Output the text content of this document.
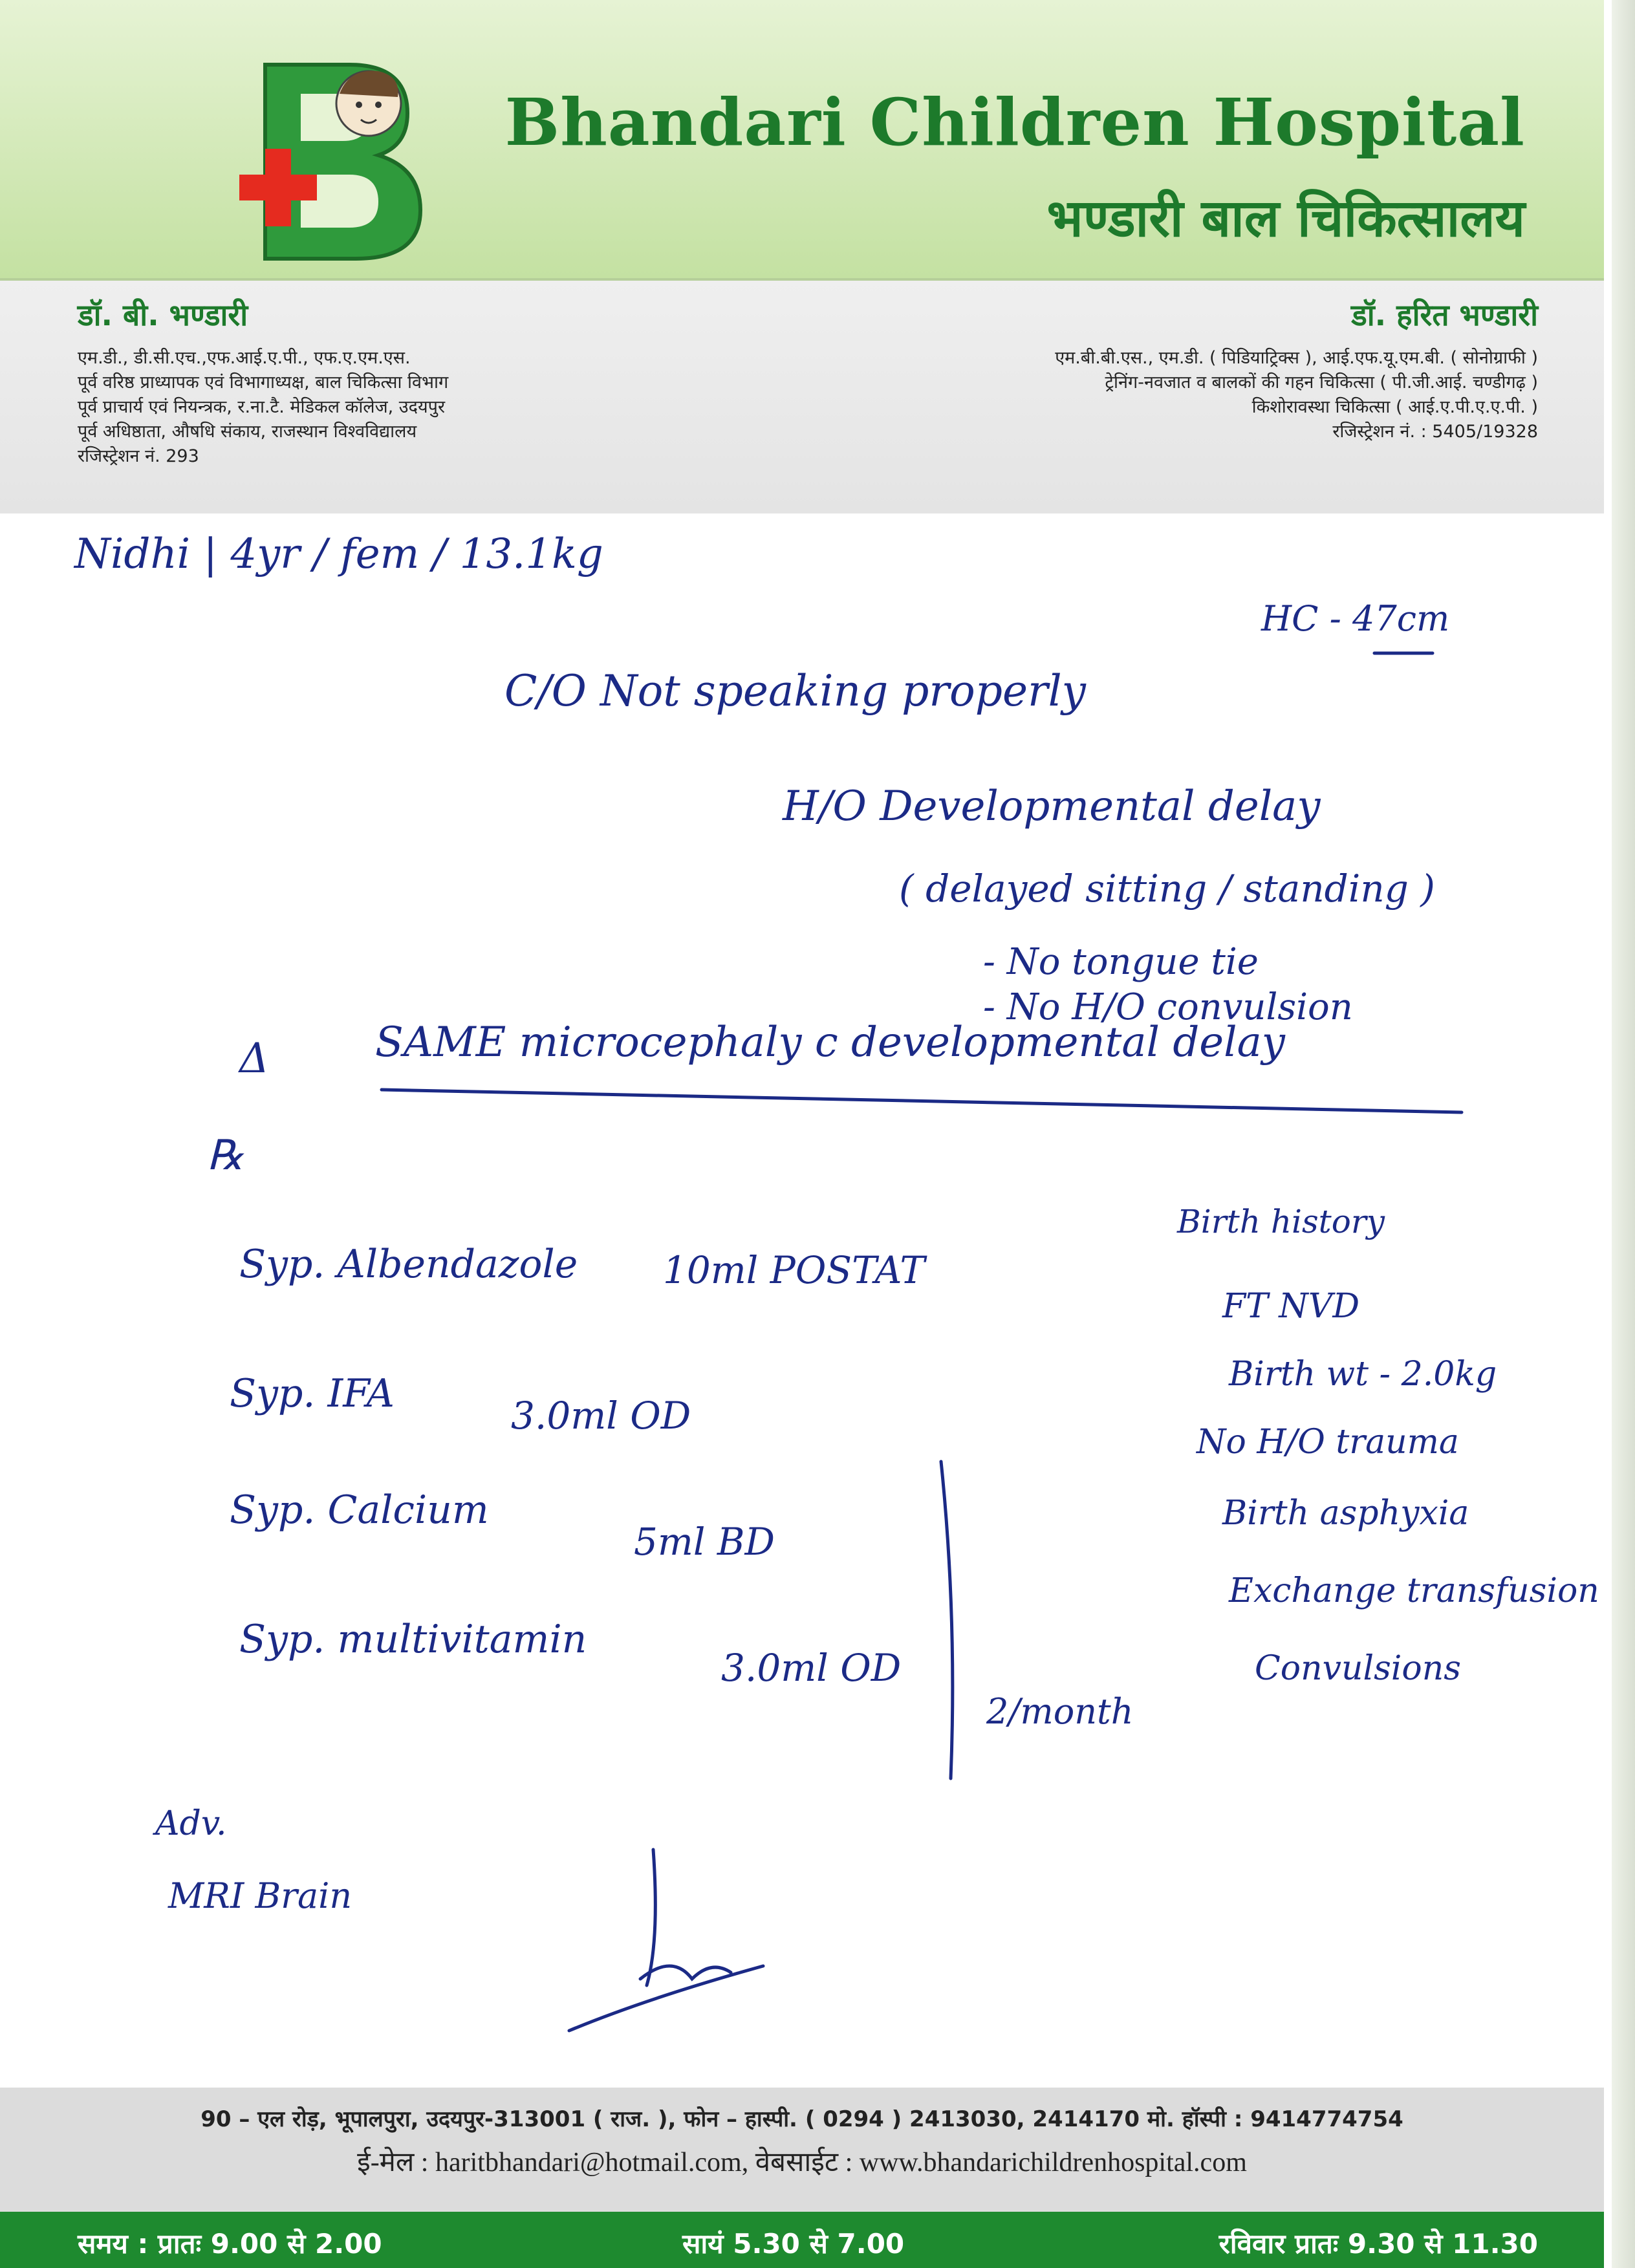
Bhandari Children Hospital
भण्डारी बाल चिकित्सालय
डॉ. बी. भण्डारी
एम.डी., डी.सी.एच.,एफ.आई.ए.पी., एफ.ए.एम.एस.
पूर्व वरिष्ठ प्राध्यापक एवं विभागाध्यक्ष, बाल चिकित्सा विभाग
पूर्व प्राचार्य एवं नियन्त्रक, र.ना.टै. मेडिकल कॉलेज, उदयपुर
पूर्व अधिष्ठाता, औषधि संकाय, राजस्थान विश्वविद्यालय
रजिस्ट्रेशन नं. 293
डॉ. हरित भण्डारी
एम.बी.बी.एस., एम.डी. ( पिडियाट्रिक्स ), आई.एफ.यू.एम.बी. ( सोनोग्राफी )
ट्रेनिंग-नवजात व बालकों की गहन चिकित्सा ( पी.जी.आई. चण्डीगढ़ )
किशोरावस्था चिकित्सा ( आई.ए.पी.ए.ए.पी. )
रजिस्ट्रेशन नं. : 5405/19328
Nidhi | 4yr / fem / 13.1kg
HC - 47cm
C/O Not speaking properly
H/O Developmental delay
( delayed sitting / standing )
- No tongue tie
- No H/O convulsion
Δ	SAME microcephaly c developmental delay
℞
Syp. Albendazole 10ml POSTAT
Syp. IFA	3.0ml OD
Syp. Calcium
5ml BD
Syp. multivitamin
3.0ml OD
2/month
Birth history
FT NVD
Birth wt - 2.0kg
No H/O trauma
Birth asphyxia
Exchange transfusion
Convulsions
Adv.
MRI Brain
90 – एल रोड़, भूपालपुरा, उदयपुर-313001 ( राज. ), फोन – हास्पी. ( 0294 ) 2413030, 2414170 मो. हॉस्पी : 9414774754
ई-मेल : haritbhandari@hotmail.com, वेबसाईट : www.bhandarichildrenhospital.com
समय : प्रातः 9.00 से 2.00	सायं 5.30 से 7.00	रविवार प्रातः 9.30 से 11.30
